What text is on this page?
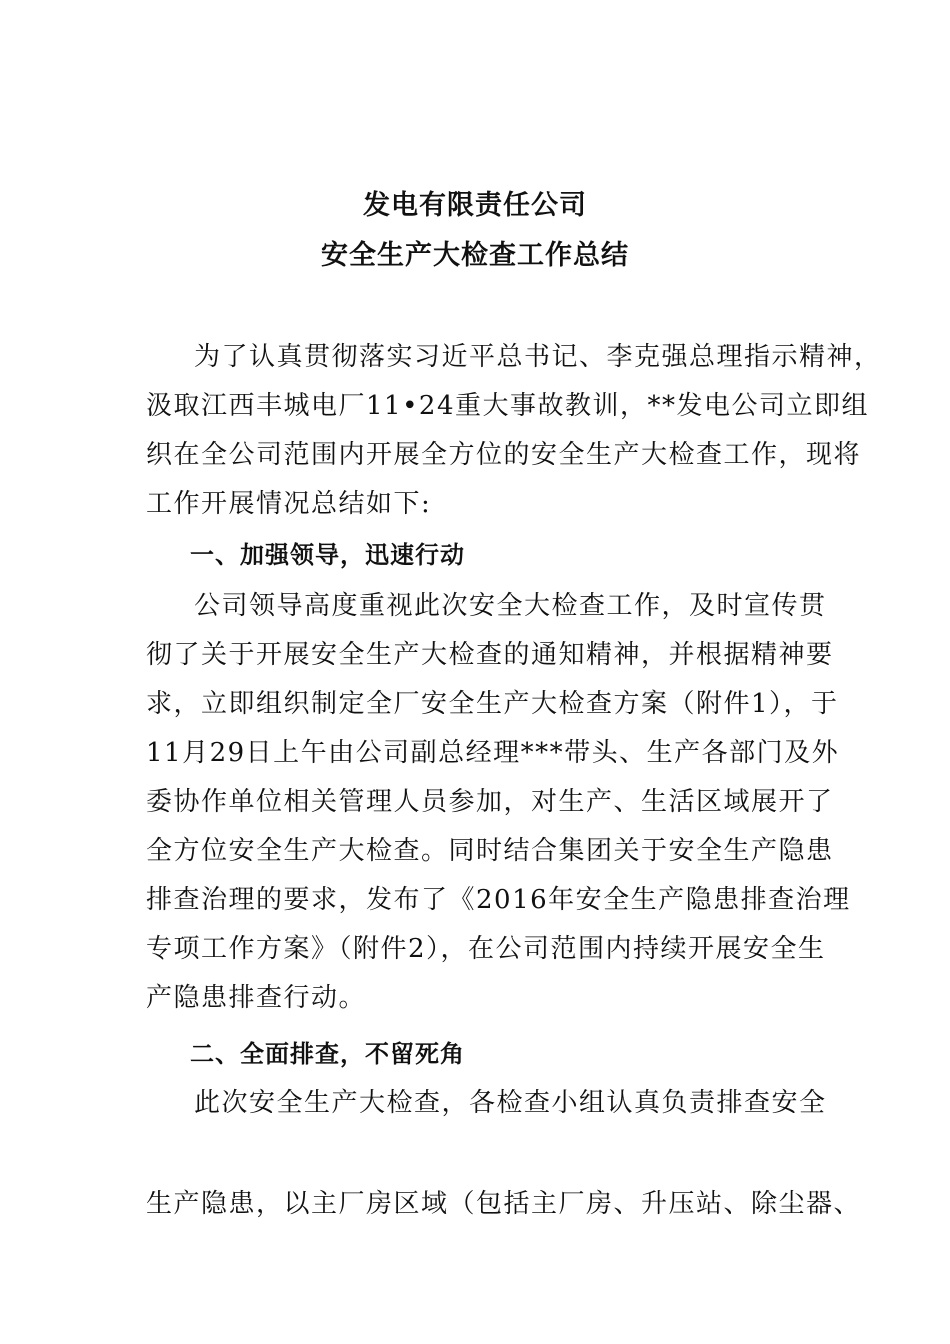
发电有限责任公司
安全生产大检查工作总结
为了认真贯彻落实习近平总书记、李克强总理指示精神，
汲取江西丰城电厂11•24重大事故教训，**发电公司立即组
织在全公司范围内开展全方位的安全生产大检查工作，现将
工作开展情况总结如下:
一、加强领导，迅速行动
公司领导高度重视此次安全大检查工作，及时宣传贯
彻了关于开展安全生产大检查的通知精神，并根据精神要
求，立即组织制定全厂安全生产大检查方案（附件1），于
11月29日上午由公司副总经理***带头、生产各部门及外
委协作单位相关管理人员参加，对生产、生活区域展开了
全方位安全生产大检查。同时结合集团关于安全生产隐患
排查治理的要求，发布了《2016年安全生产隐患排查治理
专项工作方案》（附件2），在公司范围内持续开展安全生
产隐患排查行动。
二、全面排查，不留死角
此次安全生产大检查，各检查小组认真负责排查安全
生产隐患，以主厂房区域（包括主厂房、升压站、除尘器、
